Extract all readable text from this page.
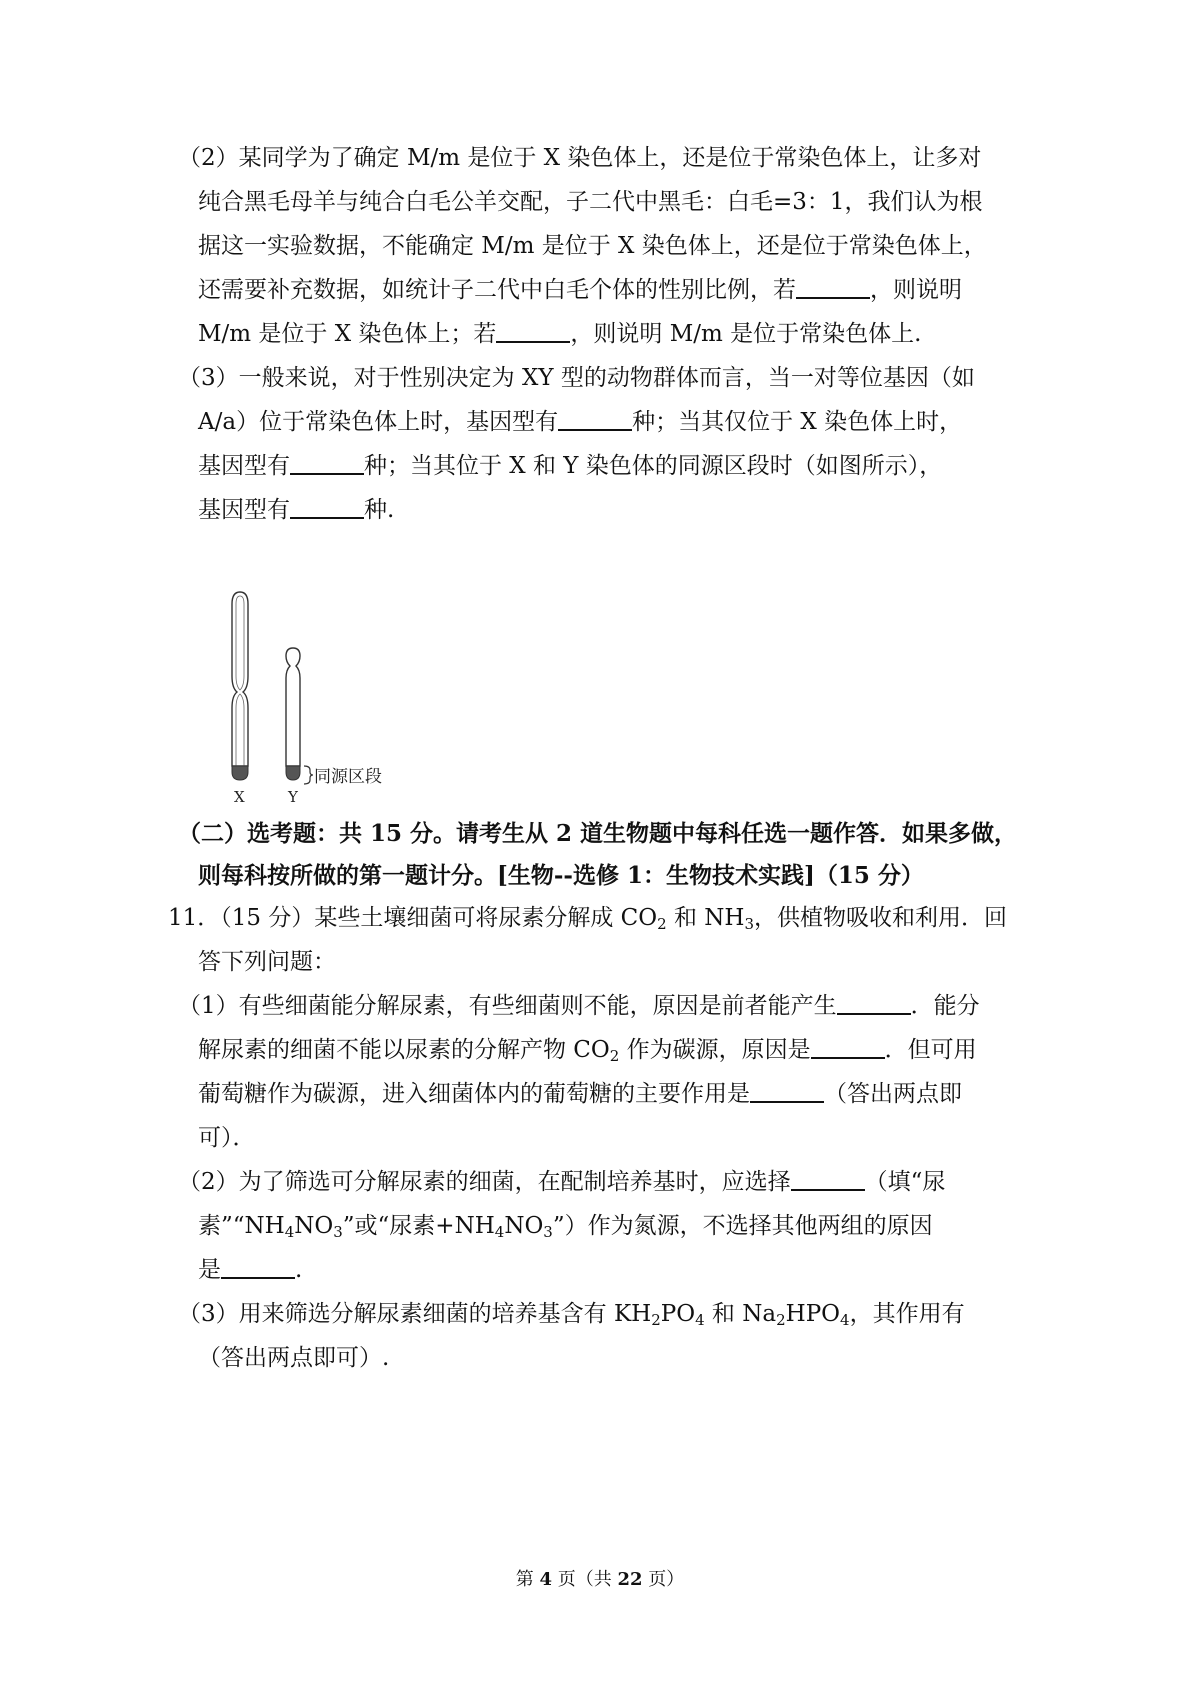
（2）某同学为了确定 M/m 是位于 X 染色体上，还是位于常染色体上，让多对
纯合黑毛母羊与纯合白毛公羊交配，子二代中黑毛：白毛=3：1，我们认为根
据这一实验数据，不能确定 M/m 是位于 X 染色体上，还是位于常染色体上，
还需要补充数据，如统计子二代中白毛个体的性别比例，若	，则说明
M/m 是位于 X 染色体上；若	，则说明 M/m 是位于常染色体上.
（3）一般来说，对于性别决定为 XY 型的动物群体而言，当一对等位基因（如
A/a）位于常染色体上时，基因型有	种；当其仅位于 X 染色体上时，
基因型有	种；当其位于 X 和 Y 染色体的同源区段时（如图所示），
基因型有	种.
同源区段
X	Y
（二）选考题：共 15 分。请考生从 2 道生物题中每科任选一题作答．如果多做，
则每科按所做的第一题计分。[生物--选修 1：生物技术实践]（15 分）
11．（15 分）某些土壤细菌可将尿素分解成 $CO_2$ 和 $NH_3$，供植物吸收和利用．回
答下列问题：
（1）有些细菌能分解尿素，有些细菌则不能，原因是前者能产生	．能分
解尿素的细菌不能以尿素的分解产物 $CO_2$ 作为碳源，原因是	．但可用
葡萄糖作为碳源，进入细菌体内的葡萄糖的主要作用是	（答出两点即
可）．
（2）为了筛选可分解尿素的细菌，在配制培养基时，应选择	（填“尿
素$”“NH_4NO_3$”或“尿素$+NH_4NO_3$”）作为氮源，不选择其他两组的原因
是	.
（3）用来筛选分解尿素细菌的培养基含有 $KH_2PO_4$ 和 $Na_2HPO_4$，其作用有
（答出两点即可）.
第 4 页（共 22 页）
